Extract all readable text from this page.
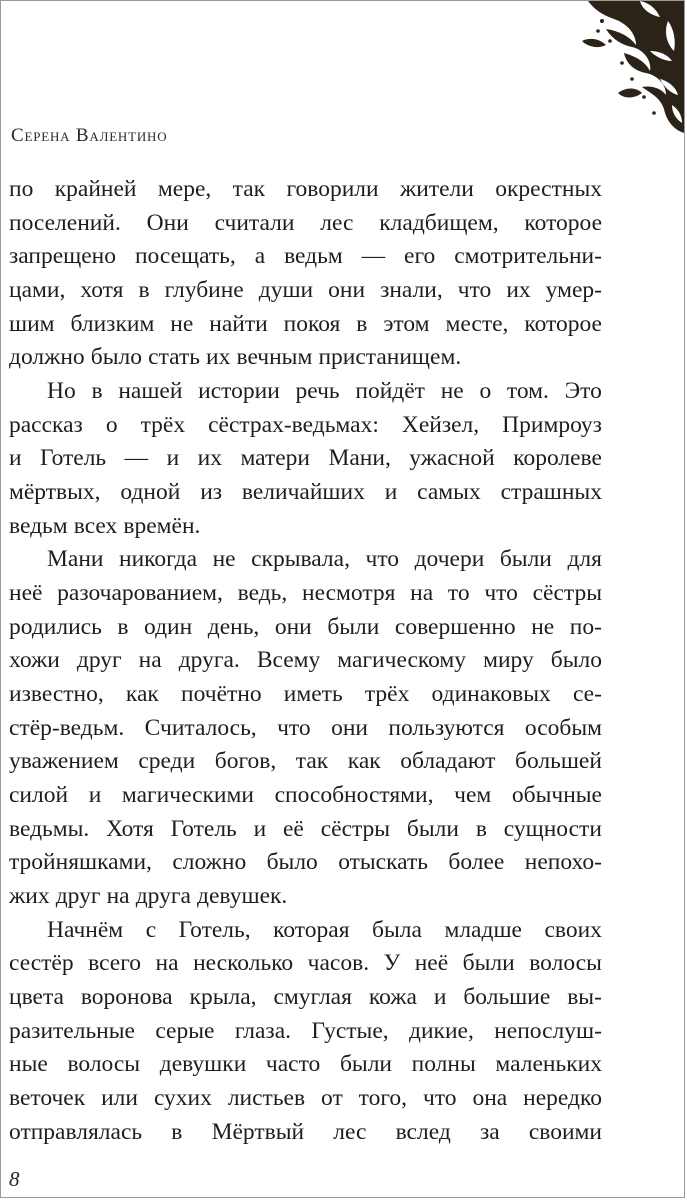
Серена Валентино
по крайней мере, так говорили жители окрестных
поселений. Они считали лес кладбищем, которое
запрещено посещать, а ведьм — его смотрительни-
цами, хотя в глубине души они знали, что их умер-
шим близким не найти покоя в этом месте, которое
должно было стать их вечным пристанищем.
Но в нашей истории речь пойдёт не о том. Это
рассказ о трёх сёстрах-ведьмах: Хейзел, Примроуз
и Готель — и их матери Мани, ужасной королеве
мёртвых, одной из величайших и самых страшных
ведьм всех времён.
Мани никогда не скрывала, что дочери были для
неё разочарованием, ведь, несмотря на то что сёстры
родились в один день, они были совершенно не по-
хожи друг на друга. Всему магическому миру было
известно, как почётно иметь трёх одинаковых се-
стёр-ведьм. Считалось, что они пользуются особым
уважением среди богов, так как обладают большей
силой и магическими способностями, чем обычные
ведьмы. Хотя Готель и её сёстры были в сущности
тройняшками, сложно было отыскать более непохо-
жих друг на друга девушек.
Начнём с Готель, которая была младше своих
сестёр всего на несколько часов. У неё были волосы
цвета воронова крыла, смуглая кожа и большие вы-
разительные серые глаза. Густые, дикие, непослуш-
ные волосы девушки часто были полны маленьких
веточек или сухих листьев от того, что она нередко
отправлялась в Мёртвый лес вслед за своими
8
